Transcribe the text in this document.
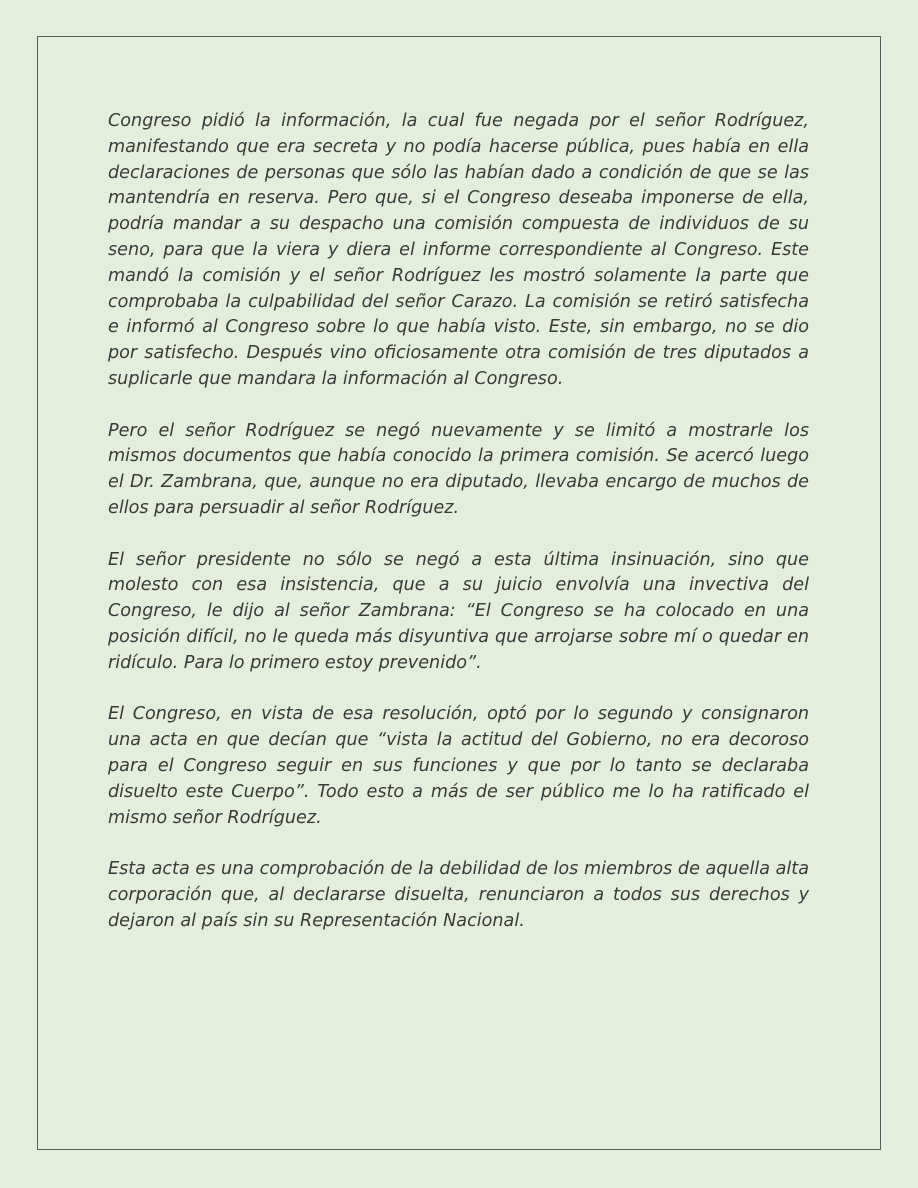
Congreso pidió la información, la cual fue negada por el señor Rodríguez, manifestando que era secreta y no podía hacerse pública, pues había en ella declaraciones de personas que sólo las habían dado a condición de que se las mantendría en reserva. Pero que, si el Congreso deseaba imponerse de ella, podría mandar a su despacho una comisión compuesta de individuos de su seno, para que la viera y diera el informe correspondiente al Congreso. Este mandó la comisión y el señor Rodríguez les mostró solamente la parte que comprobaba la culpabilidad del señor Carazo. La comisión se retiró satisfecha e informó al Congreso sobre lo que había visto. Este, sin embargo, no se dio por satisfecho. Después vino oficiosamente otra comisión de tres diputados a suplicarle que mandara la información al Congreso.

Pero el señor Rodríguez se negó nuevamente y se limitó a mostrarle los mismos documentos que había conocido la primera comisión. Se acercó luego el Dr. Zambrana, que, aunque no era diputado, llevaba encargo de muchos de ellos para persuadir al señor Rodríguez.

El señor presidente no sólo se negó a esta última insinuación, sino que molesto con esa insistencia, que a su juicio envolvía una invectiva del Congreso, le dijo al señor Zambrana: “El Congreso se ha colocado en una posición difícil, no le queda más disyuntiva que arrojarse sobre mí o quedar en ridículo. Para lo primero estoy prevenido”.

El Congreso, en vista de esa resolución, optó por lo segundo y consignaron una acta en que decían que “vista la actitud del Gobierno, no era decoroso para el Congreso seguir en sus funciones y que por lo tanto se declaraba disuelto este Cuerpo”. Todo esto a más de ser público me lo ha ratificado el mismo señor Rodríguez.

Esta acta es una comprobación de la debilidad de los miembros de aquella alta corporación que, al declararse disuelta, renunciaron a todos sus derechos y dejaron al país sin su Representación Nacional.
